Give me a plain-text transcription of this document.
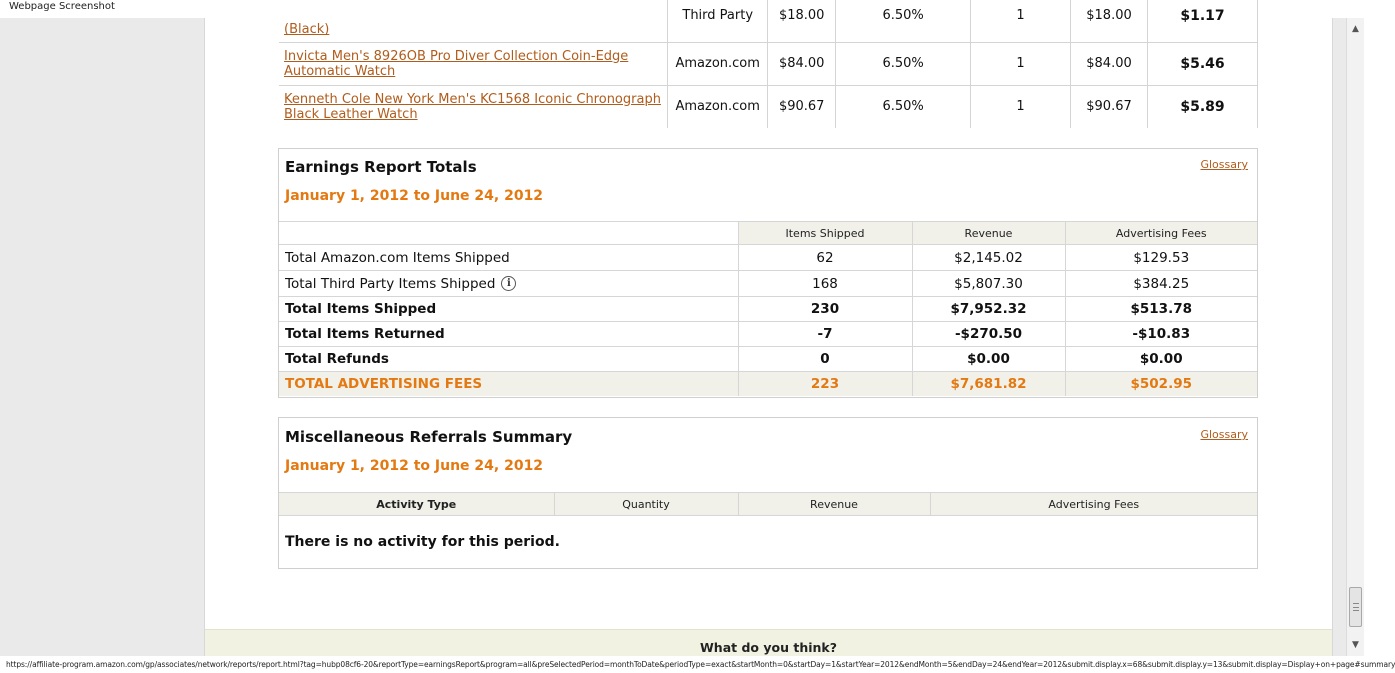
Webpage Screenshot
(Black)	Third Party	$18.00	6.50%	1	$18.00	$1.17
Invicta Men's 8926OB Pro Diver Collection Coin-Edge Automatic Watch	Amazon.com	$84.00	6.50%	1	$84.00	$5.46
Kenneth Cole New York Men's KC1568 Iconic Chronograph Black Leather Watch	Amazon.com	$90.67	6.50%	1	$90.67	$5.89
Earnings Report Totals	Glossary
January 1, 2012 to June 24, 2012
	Items Shipped	Revenue	Advertising Fees
Total Amazon.com Items Shipped	62	$2,145.02	$129.53
Total Third Party Items Shipped i	168	$5,807.30	$384.25
Total Items Shipped	230	$7,952.32	$513.78
Total Items Returned	-7	-$270.50	-$10.83
Total Refunds	0	$0.00	$0.00
TOTAL ADVERTISING FEES	223	$7,681.82	$502.95
Miscellaneous Referrals Summary	Glossary
January 1, 2012 to June 24, 2012
Activity Type	Quantity	Revenue	Advertising Fees
There is no activity for this period.
What do you think?
▲
▼
https://affiliate-program.amazon.com/gp/associates/network/reports/report.html?tag=hubp08cf6-20&reportType=earningsReport&program=all&preSelectedPeriod=monthToDate&periodType=exact&startMonth=0&startDay=1&startYear=2012&endMonth=5&endDay=24&endYear=2012&submit.display.x=68&submit.display.y=13&submit.display=Display+on+page#summary
